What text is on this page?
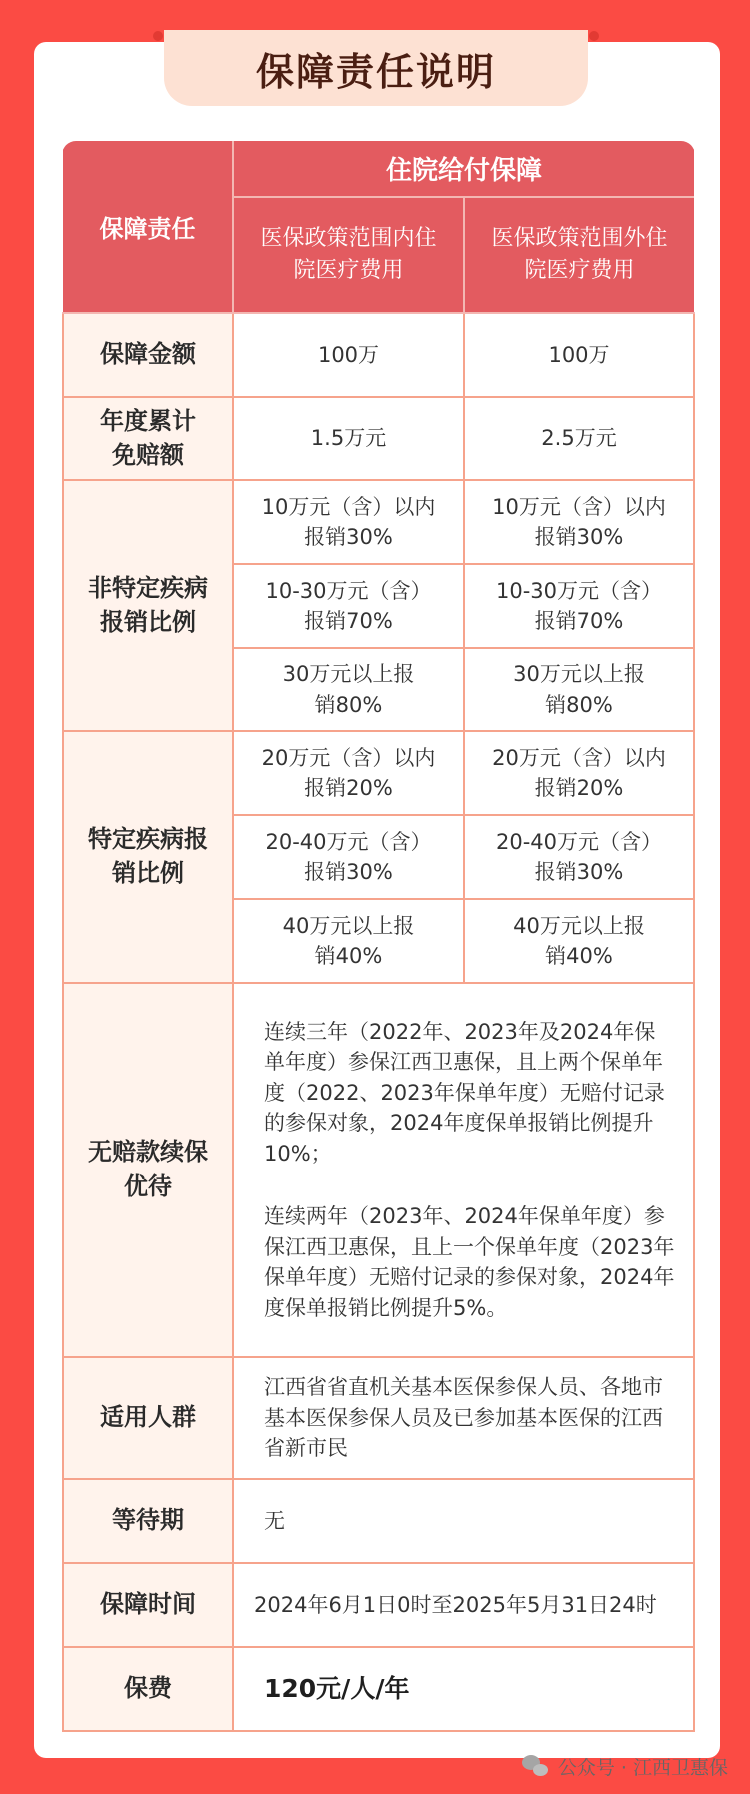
保障责任说明
保障责任	住院给付保障	

	医保政策范围内住院医疗费用	医保政策范围外住院医疗费用

保障金额	100万	100万

年度累计免赔额	1.5万元	2.5万元

非特定疾病报销比例	10万元（含）以内报销30%	10万元（含）以内报销30%

	10-30万元（含）报销70%	10-30万元（含）报销70%

	30万元以上报销80%	30万元以上报销80%

特定疾病报销比例	20万元（含）以内报销20%	20万元（含）以内报销20%

	20-40万元（含）报销30%	20-40万元（含）报销30%

	40万元以上报销40%	40万元以上报销40%

无赔款续保优待	连续三年（2022年、2023年及2024年保单年度）参保江西卫惠保，且上两个保单年度（2022、2023年保单年度）无赔付记录的参保对象，2024年度保单报销比例提升10%；
连续两年（2023年、2024年保单年度）参保江西卫惠保，且上一个保单年度（2023年保单年度）无赔付记录的参保对象，2024年度保单报销比例提升5%。	

适用人群	江西省省直机关基本医保参保人员、各地市基本医保参保人员及已参加基本医保的江西省新市民	
等待期	无	
保障时间	2024年6月1日0时至2025年5月31日24时	
保费	120元/人/年	
公众号 · 江西卫惠保
